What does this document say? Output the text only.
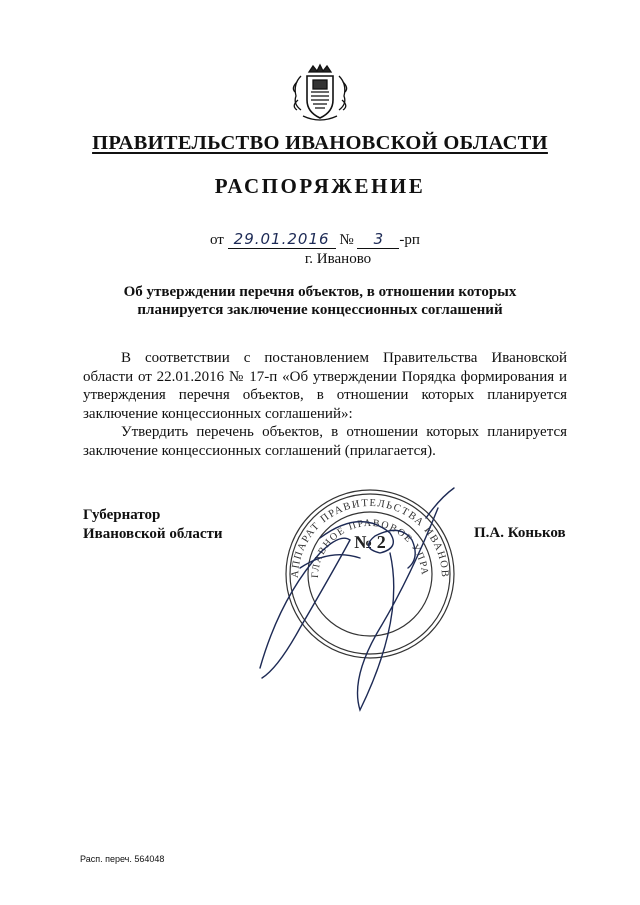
ПРАВИТЕЛЬСТВО ИВАНОВСКОЙ ОБЛАСТИ
РАСПОРЯЖЕНИЕ
от 29.01.2016 № 3 -рп
г. Иваново
Об утверждении перечня объектов, в отношении которых
планируется заключение концессионных соглашений

В соответствии с постановлением Правительства Ивановской области от 22.01.2016 № 17-п «Об утверждении Порядка формирования и утверждения перечня объектов, в отношении которых планируется заключение концессионных соглашений»:

Утвердить перечень объектов, в отношении которых планируется заключение концессионных соглашений (прилагается).

Губернатор
Ивановской области
АППАРАТ ПРАВИТЕЛЬСТВА ИВАНОВ
ГЛАВНОЕ ПРАВОВОЕ УПРА
№ 2	П.А. Коньков
Расп. переч. 564048
